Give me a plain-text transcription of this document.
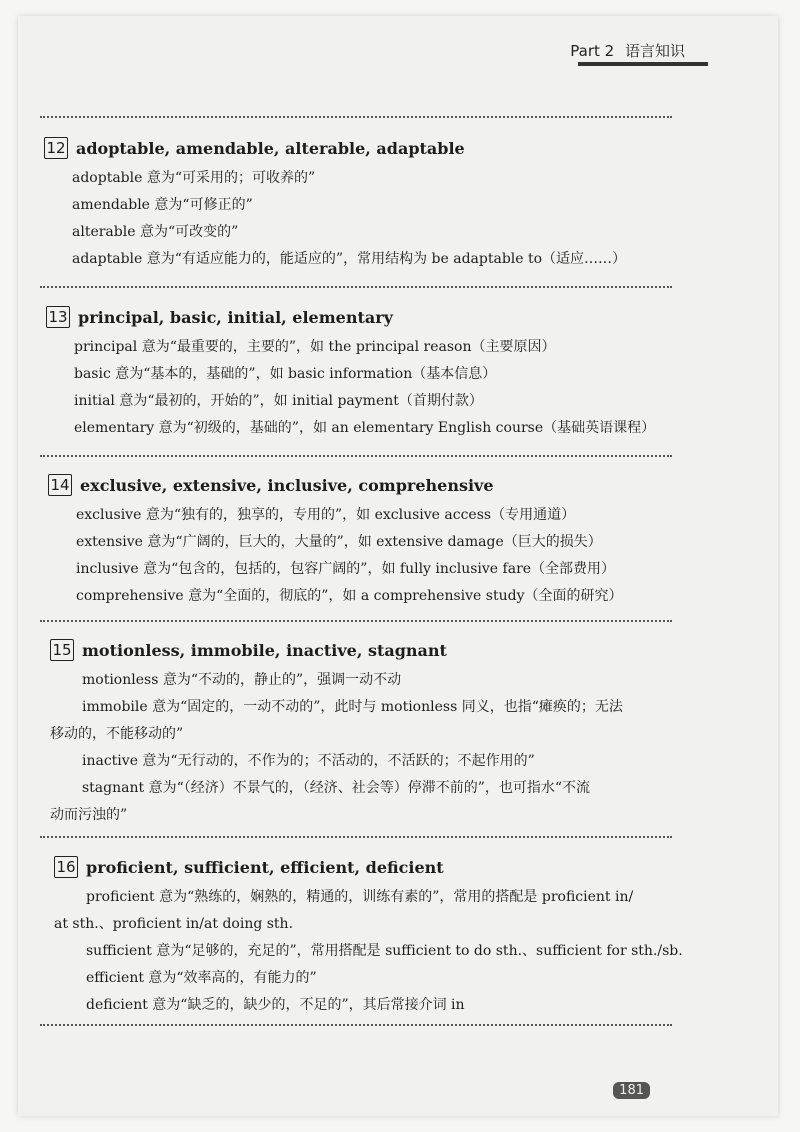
Part 2 语言知识
12 adoptable, amendable, alterable, adaptable
adoptable 意为“可采用的；可收养的”
amendable 意为“可修正的”
alterable 意为“可改变的”
adaptable 意为“有适应能力的，能适应的”，常用结构为 be adaptable to（适应……）
13 principal, basic, initial, elementary
principal 意为“最重要的，主要的”，如 the principal reason（主要原因）
basic 意为“基本的，基础的”，如 basic information（基本信息）
initial 意为“最初的，开始的”，如 initial payment（首期付款）
elementary 意为“初级的，基础的”，如 an elementary English course（基础英语课程）
14 exclusive, extensive, inclusive, comprehensive
exclusive 意为“独有的，独享的，专用的”，如 exclusive access（专用通道）
extensive 意为“广阔的，巨大的，大量的”，如 extensive damage（巨大的损失）
inclusive 意为“包含的，包括的，包容广阔的”，如 fully inclusive fare（全部费用）
comprehensive 意为“全面的，彻底的”，如 a comprehensive study（全面的研究）
15 motionless, immobile, inactive, stagnant
motionless 意为“不动的，静止的”，强调一动不动
immobile 意为“固定的，一动不动的”，此时与 motionless 同义，也指“瘫痪的；无法
移动的，不能移动的”
inactive 意为“无行动的，不作为的；不活动的，不活跃的；不起作用的”
stagnant 意为“（经济）不景气的，（经济、社会等）停滞不前的”，也可指水“不流
动而污浊的”
16 proficient, sufficient, efficient, deficient
proficient 意为“熟练的，娴熟的，精通的，训练有素的”，常用的搭配是 proficient in/
at sth.、proficient in/at doing sth.
sufficient 意为“足够的，充足的”，常用搭配是 sufficient to do sth.、sufficient for sth./sb.
efficient 意为“效率高的，有能力的”
deficient 意为“缺乏的，缺少的，不足的”，其后常接介词 in
181
